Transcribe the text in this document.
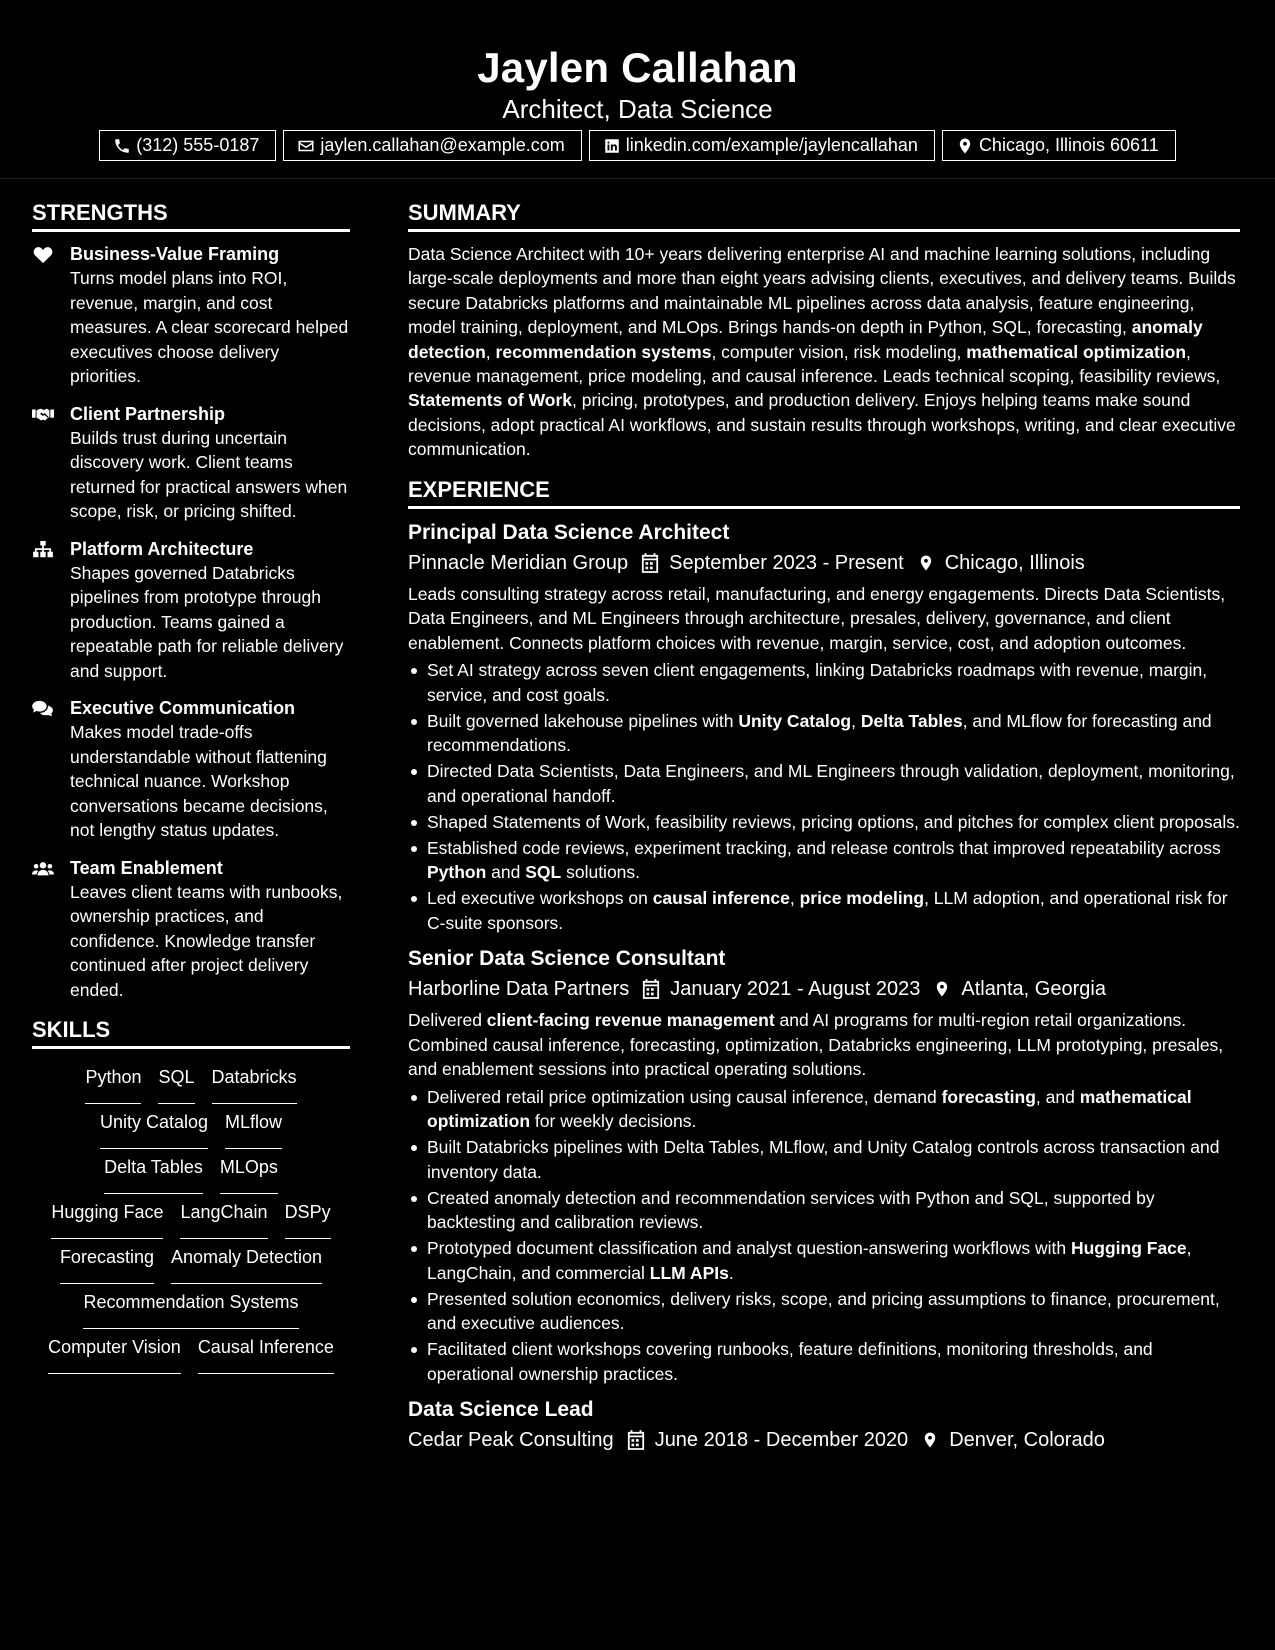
Jaylen Callahan
Architect, Data Science
(312) 555-0187	jaylen.callahan@example.com	linkedin.com/example/jaylencallahan	Chicago, Illinois 60611
STRENGTHS
Business-Value Framing
Turns model plans into ROI, revenue, margin, and cost measures. A clear scorecard helped executives choose delivery priorities.
Client Partnership
Builds trust during uncertain discovery work. Client teams returned for practical answers when scope, risk, or pricing shifted.
Platform Architecture
Shapes governed Databricks pipelines from prototype through production. Teams gained a repeatable path for reliable delivery and support.
Executive Communication
Makes model trade-offs understandable without flattening technical nuance. Workshop conversations became decisions, not lengthy status updates.
Team Enablement
Leaves client teams with runbooks, ownership practices, and confidence. Knowledge transfer continued after project delivery ended.
SKILLS
Python SQL Databricks
Unity Catalog MLflow
Delta Tables MLOps
Hugging Face LangChain DSPy
Forecasting Anomaly Detection
Recommendation Systems
Computer Vision Causal Inference
SUMMARY
Data Science Architect with 10+ years delivering enterprise AI and machine learning solutions, including large-scale deployments and more than eight years advising clients, executives, and delivery teams. Builds secure Databricks platforms and maintainable ML pipelines across data analysis, feature engineering, model training, deployment, and MLOps. Brings hands-on depth in Python, SQL, forecasting, anomaly detection, recommendation systems, computer vision, risk modeling, mathematical optimization, revenue management, price modeling, and causal inference. Leads technical scoping, feasibility reviews, Statements of Work, pricing, prototypes, and production delivery. Enjoys helping teams make sound decisions, adopt practical AI workflows, and sustain results through workshops, writing, and clear executive communication.
EXPERIENCE
Principal Data Science Architect
Pinnacle Meridian Group September 2023 - Present Chicago, Illinois
Leads consulting strategy across retail, manufacturing, and energy engagements. Directs Data Scientists, Data Engineers, and ML Engineers through architecture, presales, delivery, governance, and client enablement. Connects platform choices with revenue, margin, service, cost, and adoption outcomes.
Set AI strategy across seven client engagements, linking Databricks roadmaps with revenue, margin, service, and cost goals.
Built governed lakehouse pipelines with Unity Catalog, Delta Tables, and MLflow for forecasting and recommendations.
Directed Data Scientists, Data Engineers, and ML Engineers through validation, deployment, monitoring, and operational handoff.
Shaped Statements of Work, feasibility reviews, pricing options, and pitches for complex client proposals.
Established code reviews, experiment tracking, and release controls that improved repeatability across Python and SQL solutions.
Led executive workshops on causal inference, price modeling, LLM adoption, and operational risk for C-suite sponsors.
Senior Data Science Consultant
Harborline Data Partners January 2021 - August 2023 Atlanta, Georgia
Delivered client-facing revenue management and AI programs for multi-region retail organizations. Combined causal inference, forecasting, optimization, Databricks engineering, LLM prototyping, presales, and enablement sessions into practical operating solutions.
Delivered retail price optimization using causal inference, demand forecasting, and mathematical optimization for weekly decisions.
Built Databricks pipelines with Delta Tables, MLflow, and Unity Catalog controls across transaction and inventory data.
Created anomaly detection and recommendation services with Python and SQL, supported by backtesting and calibration reviews.
Prototyped document classification and analyst question-answering workflows with Hugging Face, LangChain, and commercial LLM APIs.
Presented solution economics, delivery risks, scope, and pricing assumptions to finance, procurement, and executive audiences.
Facilitated client workshops covering runbooks, feature definitions, monitoring thresholds, and operational ownership practices.
Data Science Lead
Cedar Peak Consulting June 2018 - December 2020 Denver, Colorado
